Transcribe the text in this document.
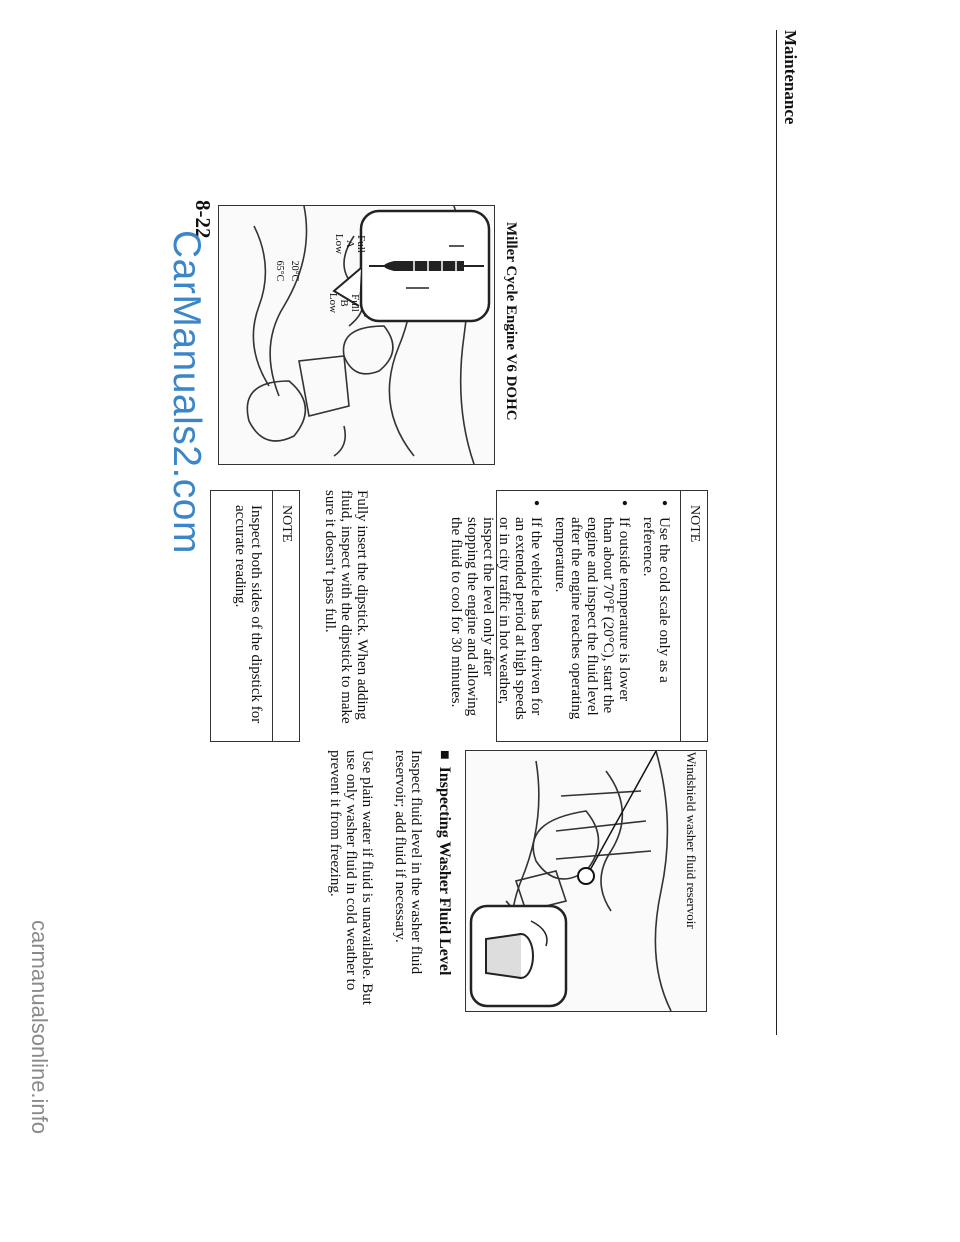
Maintenance
8-22
CarManuals2.com	Full
A
Low
Full
B
Low
20°C
65°C	Miller Cycle Engine V6 DOHC
NOTE
● Use the cold scale only as a reference.
● If outside temperature is lower than about 70°F (20°C), start the engine and inspect the fluid level after the engine reaches operating temperature.
● If the vehicle has been driven for an extended period at high speeds or in city traffic in hot weather, inspect the level only after stopping the engine and allowing the fluid to cool for 30 minutes.
Fully insert the dipstick. When adding fluid, inspect with the dipstick to make sure it doesn’t pass full.
NOTE
Inspect both sides of the dipstick for accurate reading.
Windshield washer fluid reservoir
■ Inspecting Washer Fluid Level
Inspect fluid level in the washer fluid reservoir; add fluid if necessary.
Use plain water if fluid is unavailable. But use only washer fluid in cold weather to prevent it from freezing.
carmanualsonline.info
